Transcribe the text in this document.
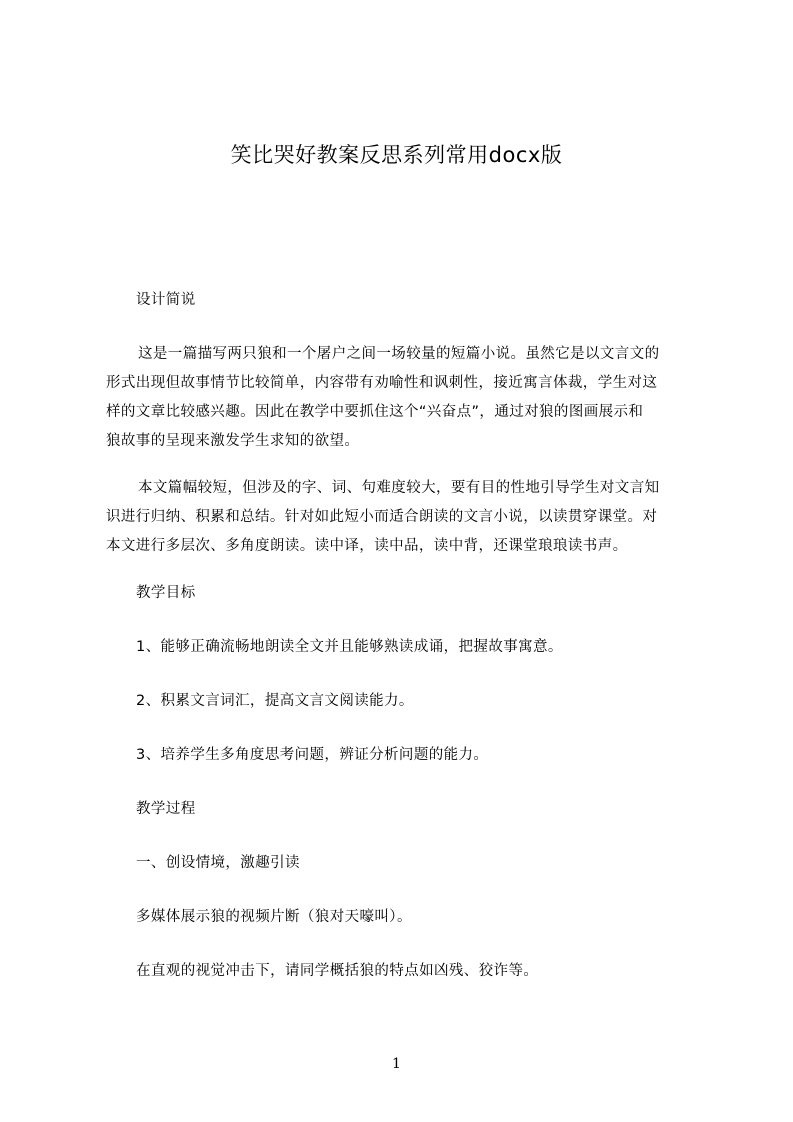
笑比哭好教案反思系列常用docx版
设计简说
这是一篇描写两只狼和一个屠户之间一场较量的短篇小说。虽然它是以文言文的
形式出现但故事情节比较简单，内容带有劝喻性和讽刺性，接近寓言体裁，学生对这
样的文章比较感兴趣。因此在教学中要抓住这个“兴奋点”，通过对狼的图画展示和
狼故事的呈现来激发学生求知的欲望。
本文篇幅较短，但涉及的字、词、句难度较大，要有目的性地引导学生对文言知
识进行归纳、积累和总结。针对如此短小而适合朗读的文言小说，以读贯穿课堂。对
本文进行多层次、多角度朗读。读中译，读中品，读中背，还课堂琅琅读书声。
教学目标
1、能够正确流畅地朗读全文并且能够熟读成诵，把握故事寓意。
2、积累文言词汇，提高文言文阅读能力。
3、培养学生多角度思考问题，辨证分析问题的能力。
教学过程
一、创设情境，激趣引读
多媒体展示狼的视频片断（狼对天嚎叫）。
在直观的视觉冲击下，请同学概括狼的特点如凶残、狡诈等。
1
